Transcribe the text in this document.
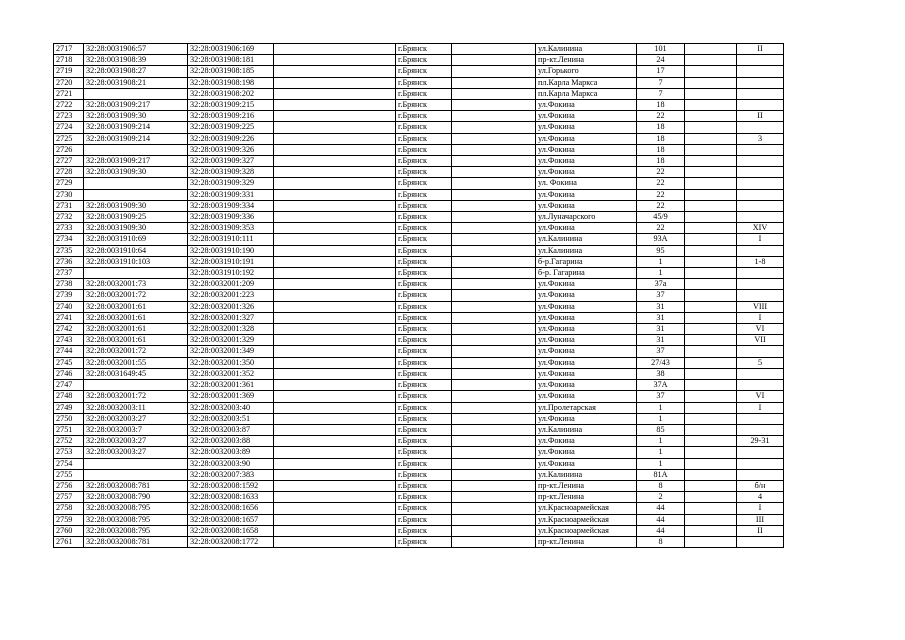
2717	32:28:0031906:57	32:28:0031906:169		г.Брянск		ул.Калинина	101		II
2718	32:28:0031908:39	32:28:0031908:181		г.Брянск		пр-кт.Ленина	24		
2719	32:28:0031908:27	32:28:0031908:185		г.Брянск		ул.Горького	17		
2720	32:28:0031908:21	32:28:0031908:198		г.Брянск		пл.Карла Маркса	7		
2721		32:28:0031908:202		г.Брянск		пл.Карла Маркса	7		
2722	32:28:0031909:217	32:28:0031909:215		г.Брянск		ул.Фокина	18		
2723	32:28:0031909:30	32:28:0031909:216		г.Брянск		ул.Фокина	22		II
2724	32:28:0031909:214	32:28:0031909:225		г.Брянск		ул.Фокина	18		
2725	32:28:0031909:214	32:28:0031909:226		г.Брянск		ул.Фокина	18		3
2726		32:28:0031909:326		г.Брянск		ул.Фокина	18		
2727	32:28:0031909:217	32:28:0031909:327		г.Брянск		ул.Фокина	18		
2728	32:28:0031909:30	32:28:0031909:328		г.Брянск		ул.Фокина	22		
2729		32:28:0031909:329		г.Брянск		ул. Фокина	22		
2730		32:28:0031909:331		г.Брянск		ул.Фокина	22		
2731	32:28:0031909:30	32:28:0031909:334		г.Брянск		ул.Фокина	22		
2732	32:28:0031909:25	32:28:0031909:336		г.Брянск		ул.Луначарского	45/9		
2733	32:28:0031909:30	32:28:0031909:353		г.Брянск		ул.Фокина	22		XIV
2734	32:28:0031910:69	32:28:0031910:111		г.Брянск		ул.Калинина	93А		I
2735	32:28:0031910:64	32:28:0031910:190		г.Брянск		ул.Калинина	95		
2736	32:28:0031910:103	32:28:0031910:191		г.Брянск		б-р.Гагарина	1		1-8
2737		32:28:0031910:192		г.Брянск		б-р. Гагарина	1		
2738	32:28:0032001:73	32:28:0032001:209		г.Брянск		ул.Фокина	37а		
2739	32:28:0032001:72	32:28:0032001:223		г.Брянск		ул.Фокина	37		
2740	32:28:0032001:61	32:28:0032001:326		г.Брянск		ул.Фокина	31		VIII
2741	32:28:0032001:61	32:28:0032001:327		г.Брянск		ул.Фокина	31		I
2742	32:28:0032001:61	32:28:0032001:328		г.Брянск		ул.Фокина	31		VI
2743	32:28:0032001:61	32:28:0032001:329		г.Брянск		ул.Фокина	31		VII
2744	32:28:0032001:72	32:28:0032001:349		г.Брянск		ул.Фокина	37		
2745	32:28:0032001:55	32:28:0032001:350		г.Брянск		ул.Фокина	27/43		5
2746	32:28:0031649:45	32:28:0032001:352		г.Брянск		ул.Фокина	38		
2747		32:28:0032001:361		г.Брянск		ул.Фокина	37А		
2748	32:28:0032001:72	32:28:0032001:369		г.Брянск		ул.Фокина	37		VI
2749	32:28:0032003:11	32:28:0032003:40		г.Брянск		ул.Пролетарская	1		I
2750	32:28:0032003:27	32:28:0032003:51		г.Брянск		ул.Фокина	1		
2751	32:28:0032003:7	32:28:0032003:87		г.Брянск		ул.Калинина	85		
2752	32:28:0032003:27	32:28:0032003:88		г.Брянск		ул.Фокина	1		29-31
2753	32:28:0032003:27	32:28:0032003:89		г.Брянск		ул.Фокина	1		
2754		32:28:0032003:90		г.Брянск		ул.Фокина	1		
2755		32:28:0032007:383		г.Брянск		ул.Калинина	81А		
2756	32:28:0032008:781	32:28:0032008:1592		г.Брянск		пр-кт.Ленина	8		б/н
2757	32:28:0032008:790	32:28:0032008:1633		г.Брянск		пр-кт.Ленина	2		4
2758	32:28:0032008:795	32:28:0032008:1656		г.Брянск		ул.Красноармейская	44		I
2759	32:28:0032008:795	32:28:0032008:1657		г.Брянск		ул.Красноармейская	44		III
2760	32:28:0032008:795	32:28:0032008:1658		г.Брянск		ул.Красноармейская	44		II
2761	32:28:0032008:781	32:28:0032008:1772		г.Брянск		пр-кт.Ленина	8		
